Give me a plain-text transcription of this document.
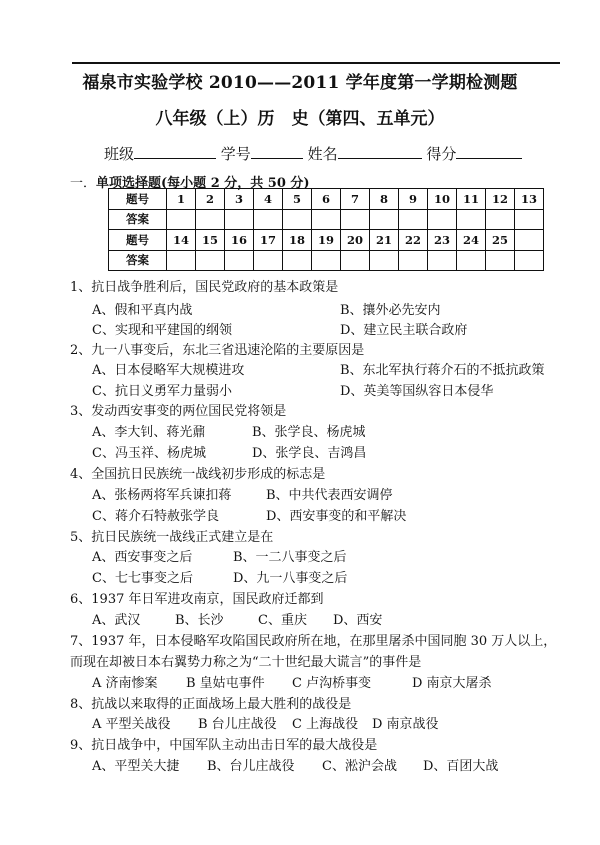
福泉市实验学校 2010——2011 学年度第一学期检测题
八年级（上）历　史（第四、五单元）
班级	学号	姓名	得分
一．单项选择题(每小题 2 分，共 50 分)
题号	1	2	3	4	5	6	7	8	9	10	11	12	13
答案													
题号	14	15	16	17	18	19	20	21	22	23	24	25	
答案													
1、抗日战争胜利后，国民党政府的基本政策是
A、假和平真内战	B、攘外必先安内
C、实现和平建国的纲领	D、建立民主联合政府
2、九一八事变后，东北三省迅速沦陷的主要原因是
A、日本侵略军大规模进攻	B、东北军执行蒋介石的不抵抗政策
C、抗日义勇军力量弱小	D、英美等国纵容日本侵华
3、发动西安事变的两位国民党将领是
A、李大钊、蒋光鼐	B、张学良、杨虎城
C、冯玉祥、杨虎城	D、张学良、吉鸿昌
4、全国抗日民族统一战线初步形成的标志是
A、张杨两将军兵谏扣蒋	B、中共代表西安调停
C、蒋介石特赦张学良	D、西安事变的和平解决
5、抗日民族统一战线正式建立是在
A、西安事变之后	B、一二八事变之后
C、七七事变之后	D、九一八事变之后
6、1937 年日军进攻南京，国民政府迁都到
A、武汉	B、长沙	C、重庆 D、西安
7、1937 年，日本侵略军攻陷国民政府所在地，在那里屠杀中国同胞 30 万人以上，
而现在却被日本右翼势力称之为“二十世纪最大谎言”的事件是
A 济南惨案 B 皇姑屯事件 C 卢沟桥事变	D 南京大屠杀
8、抗战以来取得的正面战场上最大胜利的战役是
A 平型关战役 B 台儿庄战役 C 上海战役 D 南京战役
9、抗日战争中，中国军队主动出击日军的最大战役是
A、平型关大捷 B、台儿庄战役 C、淞沪会战 D、百团大战
